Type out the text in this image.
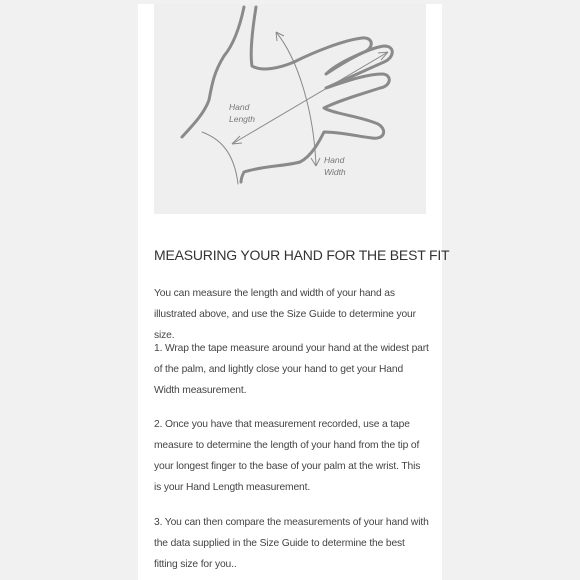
Hand
Length
Hand
Width
MEASURING YOUR HAND FOR THE BEST FIT

You can measure the length and width of your hand as illustrated above, and use the Size Guide to determine your size.

1. Wrap the tape measure around your hand at the widest part of the palm, and lightly close your hand to get your Hand Width measurement.

2. Once you have that measurement recorded, use a tape measure to determine the length of your hand from the tip of your longest finger to the base of your palm at the wrist. This is your Hand Length measurement.

3. You can then compare the measurements of your hand with the data supplied in the Size Guide to determine the best fitting size for you..
